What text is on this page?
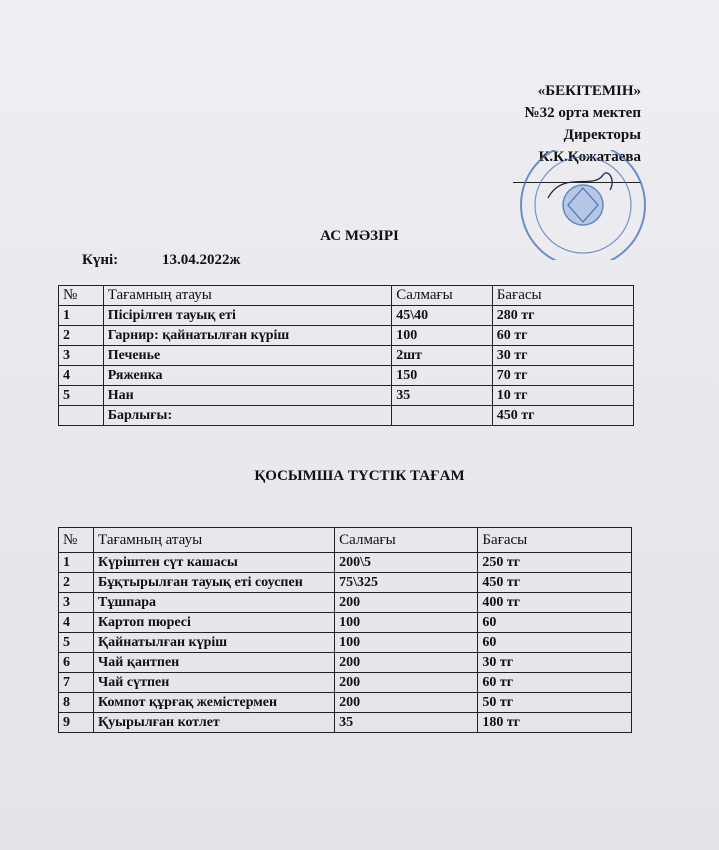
«БЕКІТЕМІН»
№32 орта мектеп
Директоры
К.К.Қожатаева
АС МӘЗІРІ
Күні:	13.04.2022ж
№	Тағамның атауы	Салмағы	Бағасы
1	Пісірілген тауық еті	45\40	280 тг
2	Гарнир: қайнатылған күріш	100	60 тг
3	Печенье	2шт	30 тг
4	Ряженка	150	70 тг
5	Нан	35	10 тг
	Барлығы:		450 тг
ҚОСЫМША ТҮСТІК ТАҒАМ
№	Тағамның атауы	Салмағы	Бағасы
1	Күріштен сүт кашасы	200\5	250 тг
2	Бұқтырылған тауық еті соуспен	75\325	450 тг
3	Тұшпара	200	400 тг
4	Картоп пюресі	100	60
5	Қайнатылған күріш	100	60
6	Чай қантпен	200	30 тг
7	Чай сүтпен	200	60 тг
8	Компот құрғақ жемістермен	200	50 тг
9	Қуырылған котлет	35	180 тг
